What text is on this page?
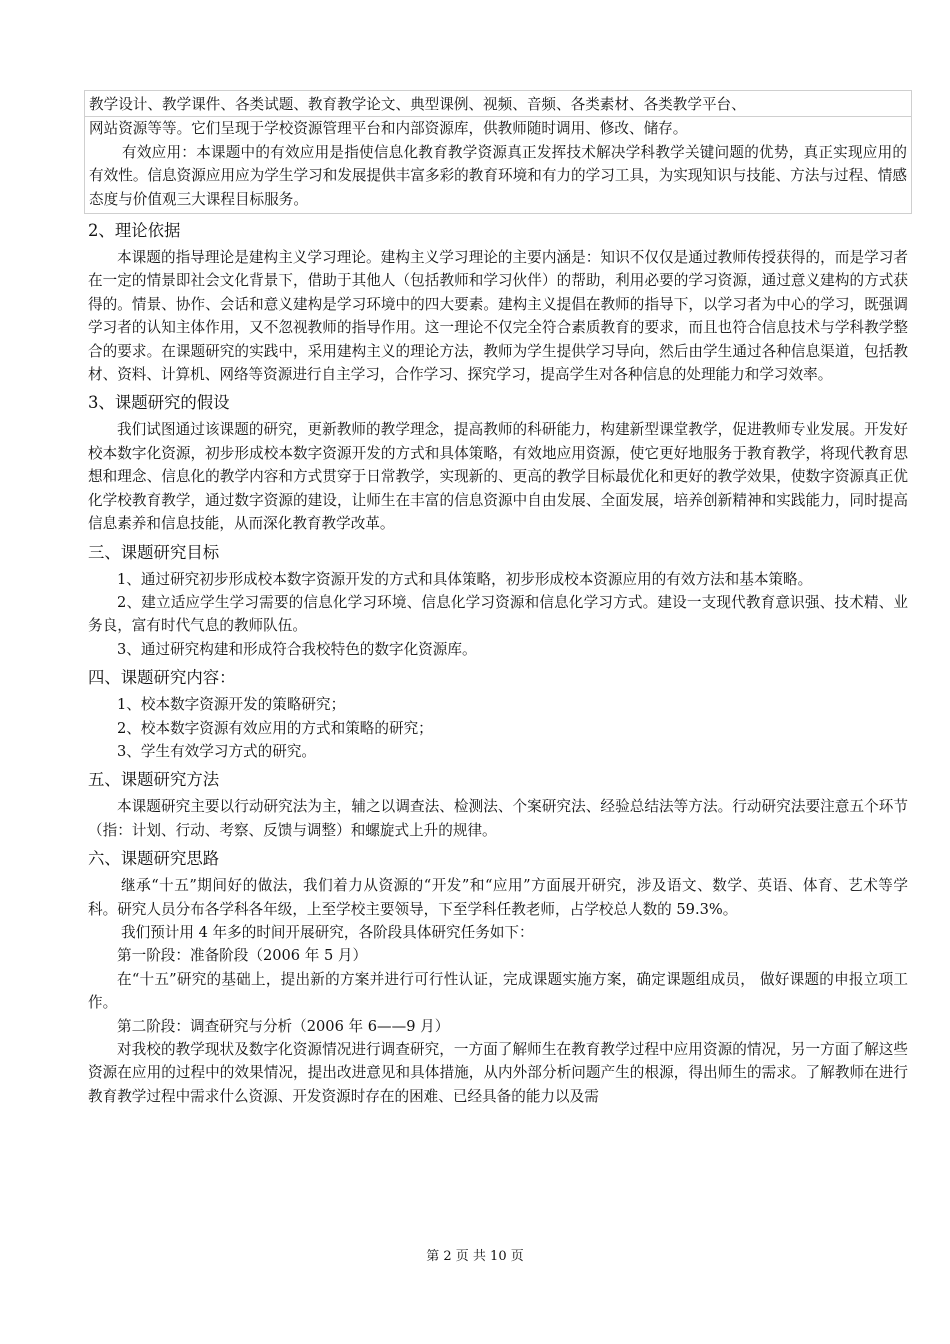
教学设计、教学课件、各类试题、教育教学论文、典型课例、视频、音频、各类素材、各类教学平台、

网站资源等等。它们呈现于学校资源管理平台和内部资源库，供教师随时调用、修改、储存。

有效应用：本课题中的有效应用是指使信息化教育教学资源真正发挥技术解决学科教学关键问题的优势，真正实现应用的有效性。信息资源应用应为学生学习和发展提供丰富多彩的教育环境和有力的学习工具，为实现知识与技能、方法与过程、情感态度与价值观三大课程目标服务。

2、理论依据

本课题的指导理论是建构主义学习理论。建构主义学习理论的主要内涵是：知识不仅仅是通过教师传授获得的，而是学习者在一定的情景即社会文化背景下，借助于其他人（包括教师和学习伙伴）的帮助，利用必要的学习资源，通过意义建构的方式获得的。情景、协作、会话和意义建构是学习环境中的四大要素。建构主义提倡在教师的指导下，以学习者为中心的学习，既强调学习者的认知主体作用，又不忽视教师的指导作用。这一理论不仅完全符合素质教育的要求，而且也符合信息技术与学科教学整合的要求。在课题研究的实践中，采用建构主义的理论方法，教师为学生提供学习导向，然后由学生通过各种信息渠道，包括教材、资料、计算机、网络等资源进行自主学习，合作学习、探究学习，提高学生对各种信息的处理能力和学习效率。

3、课题研究的假设

我们试图通过该课题的研究，更新教师的教学理念，提高教师的科研能力，构建新型课堂教学，促进教师专业发展。开发好校本数字化资源，初步形成校本数字资源开发的方式和具体策略，有效地应用资源，使它更好地服务于教育教学，将现代教育思想和理念、信息化的教学内容和方式贯穿于日常教学，实现新的、更高的教学目标最优化和更好的教学效果，使数字资源真正优化学校教育教学，通过数字资源的建设，让师生在丰富的信息资源中自由发展、全面发展，培养创新精神和实践能力，同时提高信息素养和信息技能，从而深化教育教学改革。

三、课题研究目标

1、通过研究初步形成校本数字资源开发的方式和具体策略，初步形成校本资源应用的有效方法和基本策略。

2、建立适应学生学习需要的信息化学习环境、信息化学习资源和信息化学习方式。建设一支现代教育意识强、技术精、业务良，富有时代气息的教师队伍。

3、通过研究构建和形成符合我校特色的数字化资源库。

四、课题研究内容：

1、校本数字资源开发的策略研究；

2、校本数字资源有效应用的方式和策略的研究；

3、学生有效学习方式的研究。

五、课题研究方法

本课题研究主要以行动研究法为主，辅之以调查法、检测法、个案研究法、经验总结法等方法。行动研究法要注意五个环节（指：计划、行动、考察、反馈与调整）和螺旋式上升的规律。

六、课题研究思路

继承“十五”期间好的做法，我们着力从资源的“开发”和“应用”方面展开研究，涉及语文、数学、英语、体育、艺术等学科。研究人员分布各学科各年级，上至学校主要领导，下至学科任教老师，占学校总人数的 59.3%。

我们预计用 4 年多的时间开展研究，各阶段具体研究任务如下：

第一阶段：准备阶段（2006 年 5 月）

在“十五”研究的基础上，提出新的方案并进行可行性认证，完成课题实施方案，确定课题组成员， 做好课题的申报立项工作。

第二阶段：调查研究与分析（2006 年 6——9 月）

对我校的教学现状及数字化资源情况进行调查研究，一方面了解师生在教育教学过程中应用资源的情况，另一方面了解这些资源在应用的过程中的效果情况，提出改进意见和具体措施，从内外部分析问题产生的根源，得出师生的需求。了解教师在进行教育教学过程中需求什么资源、开发资源时存在的困难、已经具备的能力以及需

第 2 页 共 10 页
